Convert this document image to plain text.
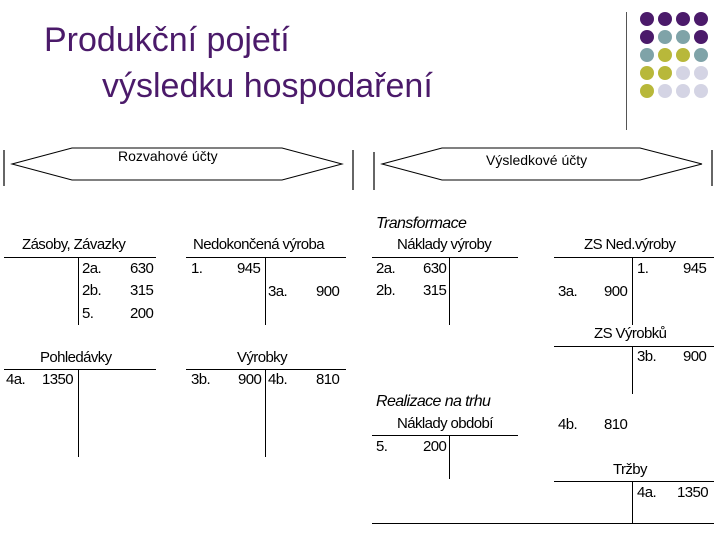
Produkční pojetí
výsledku hospodaření
Rozvahové účty	Výsledkové účty
Zásoby, Závazky
2a. 630
2b. 315
5. 200
Nedokončená výroba
1. 945
3a. 900
Transformace
Náklady výroby
2a. 630
2b. 315
ZS Ned.výroby
1. 945
3a. 900
ZS Výrobků
3b. 900
Pohledávky
4a. 1350
Výrobky
3b. 900 4b. 810
Realizace na trhu
Náklady období
5. 200
4b. 810
Tržby
4a. 1350
